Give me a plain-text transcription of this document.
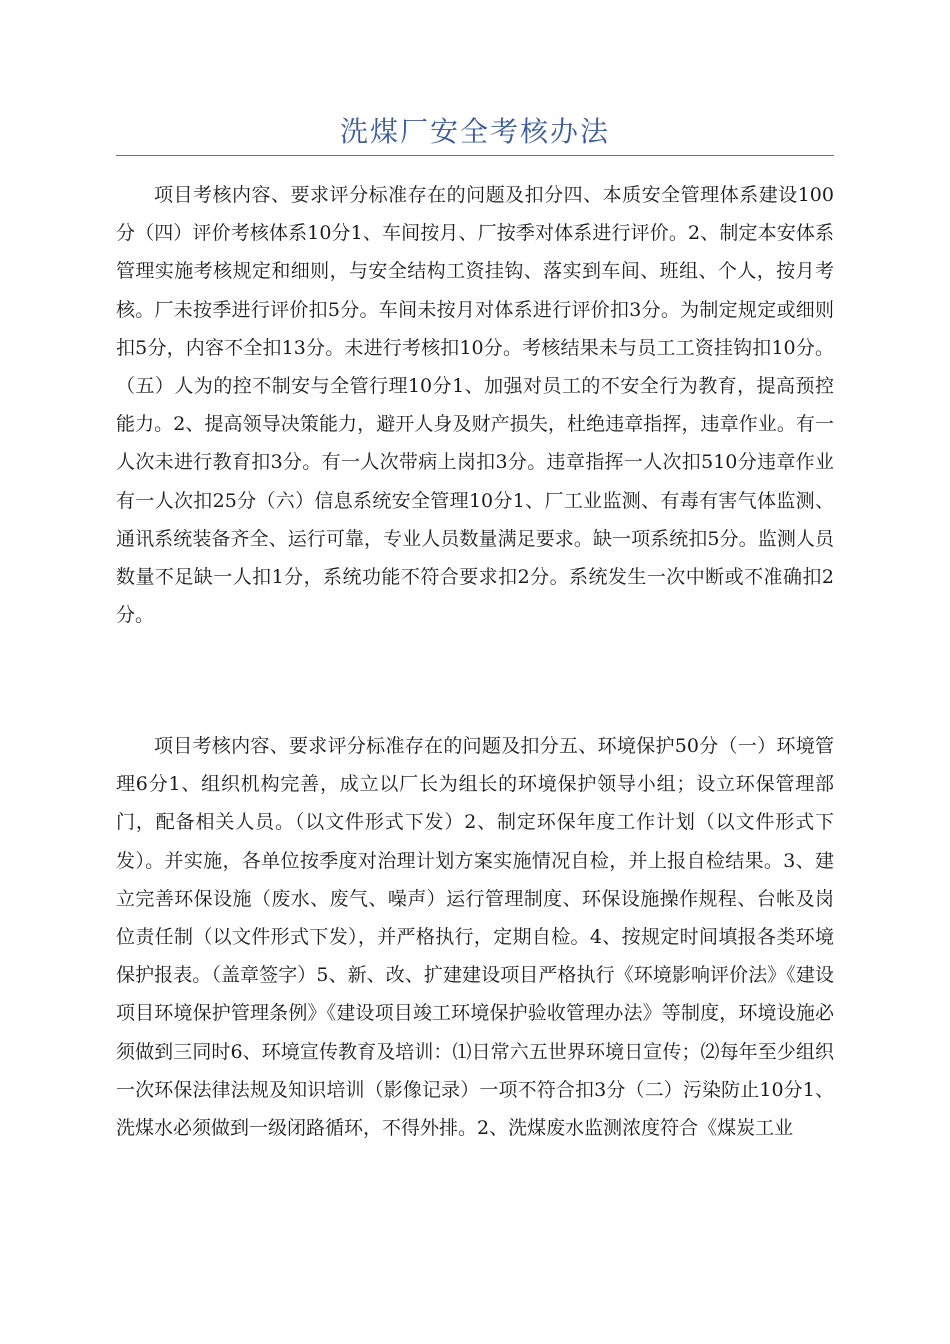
洗煤厂安全考核办法

项目考核内容、要求评分标准存在的问题及扣分四、本质安全管理体系建设100分（四）评价考核体系10分1、车间按月、厂按季对体系进行评价。2、制定本安体系管理实施考核规定和细则，与安全结构工资挂钩、落实到车间、班组、个人，按月考核。厂未按季进行评价扣5分。车间未按月对体系进行评价扣3分。为制定规定或细则扣5分，内容不全扣13分。未进行考核扣10分。考核结果未与员工工资挂钩扣10分。（五）人为的控不制安与全管行理10分1、加强对员工的不安全行为教育，提高预控能力。2、提高领导决策能力，避开人身及财产损失，杜绝违章指挥，违章作业。有一人次未进行教育扣3分。有一人次带病上岗扣3分。违章指挥一人次扣510分违章作业有一人次扣25分（六）信息系统安全管理10分1、厂工业监测、有毒有害气体监测、通讯系统装备齐全、运行可靠，专业人员数量满足要求。缺一项系统扣5分。监测人员数量不足缺一人扣1分，系统功能不符合要求扣2分。系统发生一次中断或不准确扣2分。

项目考核内容、要求评分标准存在的问题及扣分五、环境保护50分（一）环境管理6分1、组织机构完善，成立以厂长为组长的环境保护领导小组；设立环保管理部门，配备相关人员。（以文件形式下发）2、制定环保年度工作计划（以文件形式下发）。并实施，各单位按季度对治理计划方案实施情况自检，并上报自检结果。3、建立完善环保设施（废水、废气、噪声）运行管理制度、环保设施操作规程、台帐及岗位责任制（以文件形式下发），并严格执行，定期自检。4、按规定时间填报各类环境保护报表。（盖章签字）5、新、改、扩建建设项目严格执行《环境影响评价法》《建设项目环境保护管理条例》《建设项目竣工环境保护验收管理办法》等制度，环境设施必须做到三同时6、环境宣传教育及培训：⑴日常六五世界环境日宣传；⑵每年至少组织一次环保法律法规及知识培训（影像记录）一项不符合扣3分（二）污染防止10分1、洗煤水必须做到一级闭路循环，不得外排。2、洗煤废水监测浓度符合《煤炭工业
